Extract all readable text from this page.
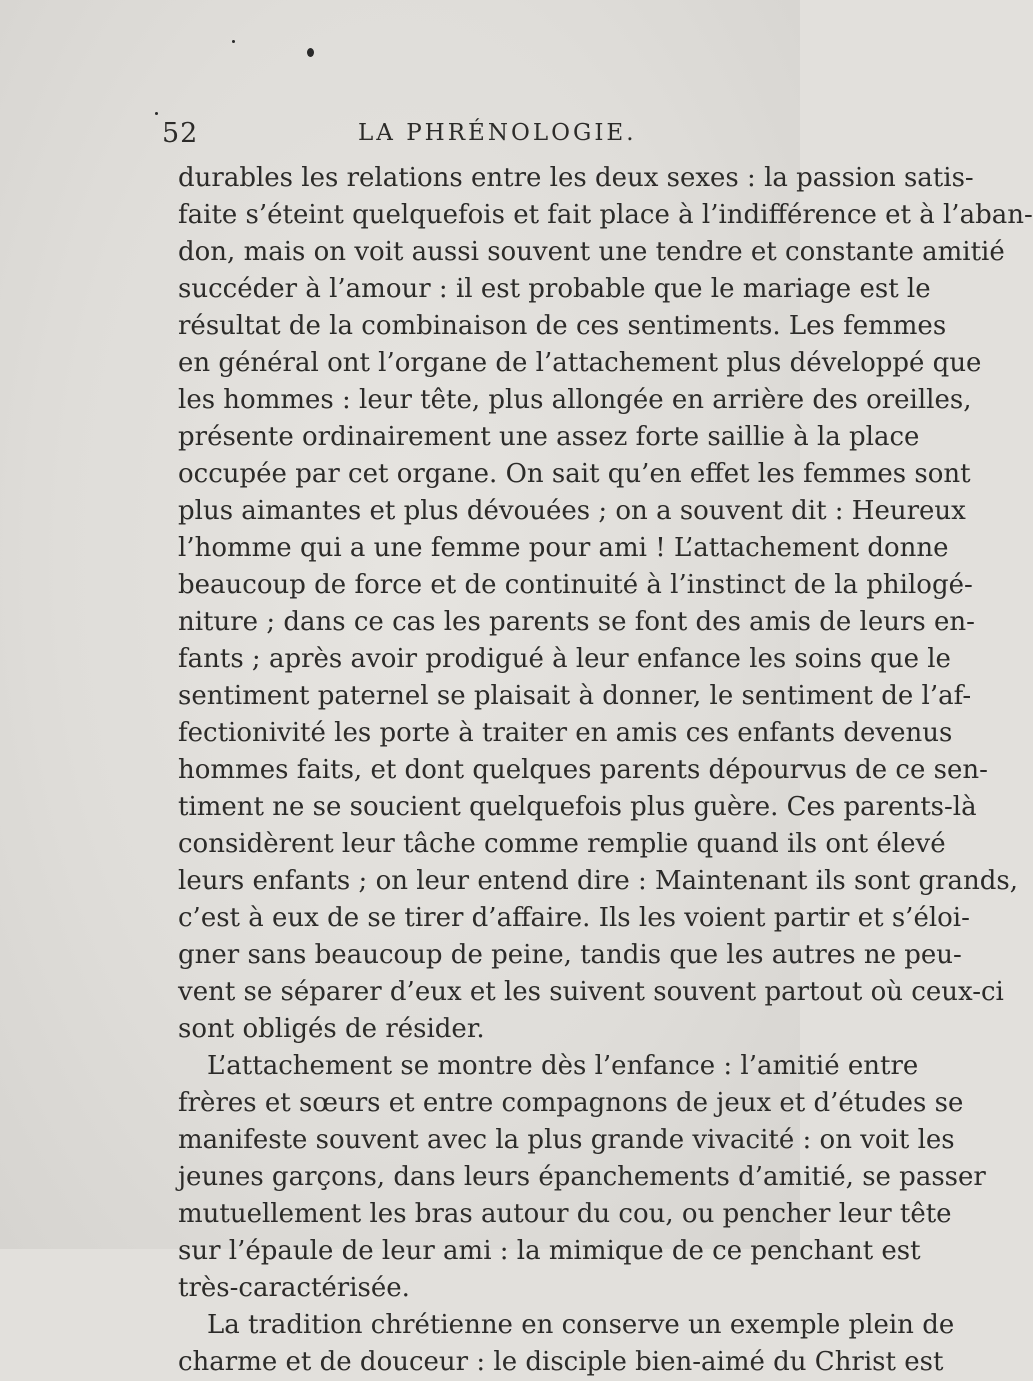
52	LA PHRÉNOLOGIE.
durables les relations entre les deux sexes : la passion satis-
faite s’éteint quelquefois et fait place à l’indifférence et à l’aban-
don, mais on voit aussi souvent une tendre et constante amitié
succéder à l’amour : il est probable que le mariage est le
résultat de la combinaison de ces sentiments. Les femmes
en général ont l’organe de l’attachement plus développé que
les hommes : leur tête, plus allongée en arrière des oreilles,
présente ordinairement une assez forte saillie à la place
occupée par cet organe. On sait qu’en effet les femmes sont
plus aimantes et plus dévouées ; on a souvent dit : Heureux
l’homme qui a une femme pour ami ! L’attachement donne
beaucoup de force et de continuité à l’instinct de la philogé-
niture ; dans ce cas les parents se font des amis de leurs en-
fants ; après avoir prodigué à leur enfance les soins que le
sentiment paternel se plaisait à donner, le sentiment de l’af-
fectionivité les porte à traiter en amis ces enfants devenus
hommes faits, et dont quelques parents dépourvus de ce sen-
timent ne se soucient quelquefois plus guère. Ces parents-là
considèrent leur tâche comme remplie quand ils ont élevé
leurs enfants ; on leur entend dire : Maintenant ils sont grands,
c’est à eux de se tirer d’affaire. Ils les voient partir et s’éloi-
gner sans beaucoup de peine, tandis que les autres ne peu-
vent se séparer d’eux et les suivent souvent partout où ceux-ci
sont obligés de résider.
L’attachement se montre dès l’enfance : l’amitié entre
frères et sœurs et entre compagnons de jeux et d’études se
manifeste souvent avec la plus grande vivacité : on voit les
jeunes garçons, dans leurs épanchements d’amitié, se passer
mutuellement les bras autour du cou, ou pencher leur tête
sur l’épaule de leur ami : la mimique de ce penchant est
très-caractérisée.
La tradition chrétienne en conserve un exemple plein de
charme et de douceur : le disciple bien-aimé du Christ est
